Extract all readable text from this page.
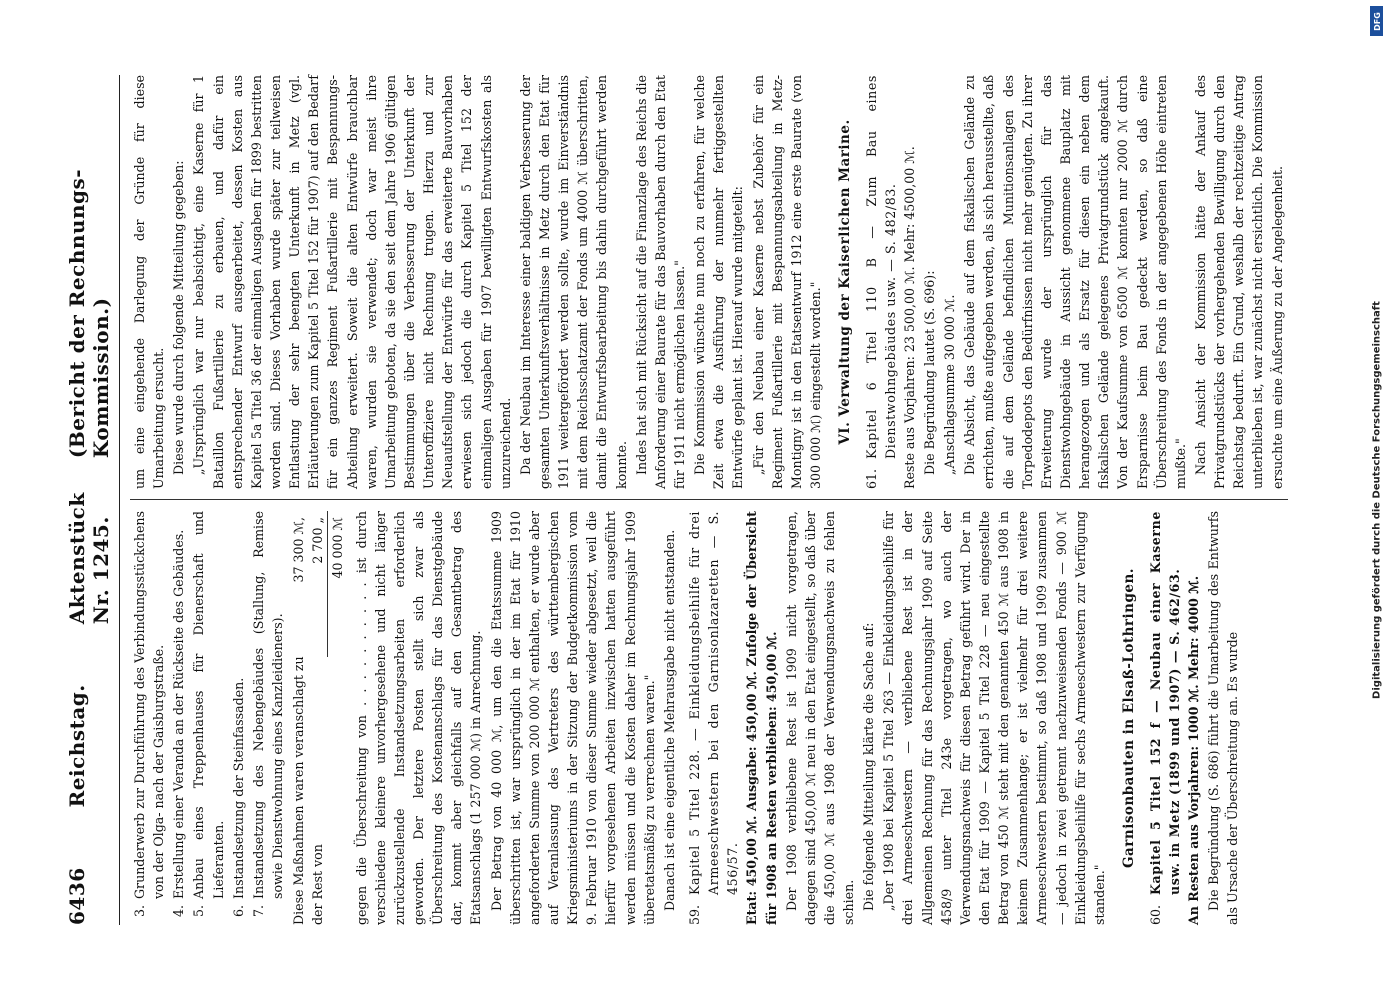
6436
Reichstag.
Aktenstück Nr. 1245.
(Bericht der Rechnungs-Kommission.)
3.
Grunderwerb zur Durchführung des Verbindungsstückchens von der Olga- nach der Gaisburgstraße.
4.
Erstellung einer Veranda an der Rückseite des Gebäudes.
5.
Anbau eines Treppenhauses für Dienerschaft und Lieferanten.
6.
Instandsetzung der Steinfassaden.
7.
Instandsetzung des Nebengebäudes (Stallung, Remise sowie Dienstwohnung eines Kanzleidieners). Diese Maßnahmen waren veranschlagt zu
37 300 ℳ,
der Rest von
2 700 „ 40 000 ℳ gegen die Überschreitung von . . . . . . . . . . ist durch verschiedene kleinere unvorhergesehene und nicht länger zurückzustellende Instandsetzungsarbeiten erforderlich geworden. Der letztere Posten stellt sich zwar als Überschreitung des Kostenanschlags für das Dienstgebäude dar, kommt aber gleichfalls auf den Gesamtbetrag des Etatsanschlags (1 257 000 ℳ) in Anrechnung. Der Betrag von 40 000 ℳ, um den die Etatssumme 1909 überschritten ist, war ursprünglich in der im Etat für 1910 angeforderten Summe von 200 000 ℳ enthalten, er wurde aber auf Veranlassung des Vertreters des württembergischen Kriegsministeriums in der Sitzung der Budgetkommission vom 9. Februar 1910 von dieser Summe wieder abgesetzt, weil die hierfür vorgesehenen Arbeiten inzwischen hatten ausgeführt werden müssen und die Kosten daher im Rechnungsjahr 1909 überetatsmäßig zu verrechnen waren." Danach ist eine eigentliche Mehrausgabe nicht entstanden.

59.
Kapitel 5 Titel 228. — Einkleidungsbeihilfe für drei Armeeschwestern bei den Garnisonlazaretten — S. 456/57. Etat: 450,00 ℳ. Ausgabe: 450,00 ℳ. Zufolge der Übersicht für 1908 an Resten verblieben: 450,00 ℳ. Der 1908 verbliebene Rest ist 1909 nicht vorgetragen, dagegen sind 450,00 ℳ neu in den Etat eingestellt, so daß über die 450,00 ℳ aus 1908 der Verwendungsnachweis zu fehlen schien. Die folgende Mitteilung klärte die Sache auf: „Der 1908 bei Kapitel 5 Titel 263 — Einkleidungsbeihilfe für drei Armeeschwestern — verbliebene Rest ist in der Allgemeinen Rechnung für das Rechnungsjahr 1909 auf Seite 458/9 unter Titel 243e vorgetragen, wo auch der Verwendungsnachweis für diesen Betrag geführt wird. Der in den Etat für 1909 — Kapitel 5 Titel 228 — neu eingestellte Betrag von 450 ℳ steht mit den genannten 450 ℳ aus 1908 in keinem Zusammenhange; er ist vielmehr für drei weitere Armeeschwestern bestimmt, so daß 1908 und 1909 zusammen — jedoch in zwei getrennt nachzuweisenden Fonds — 900 ℳ Einkleidungsbeihilfe für sechs Armeeschwestern zur Verfügung standen."

Garnisonbauten in Elsaß-Lothringen.
60.
Kapitel 5 Titel 152 f — Neubau einer Kaserne usw. in Metz (1899 und 1907) — S. 462/63. An Resten aus Vorjahren: 1000 ℳ. Mehr: 4000 ℳ. Die Begründung (S. 686) führt die Umarbeitung des Entwurfs als Ursache der Überschreitung an. Es wurde

um eine eingehende Darlegung der Gründe für diese Umarbeitung ersucht. Diese wurde durch folgende Mitteilung gegeben: „Ursprünglich war nur beabsichtigt, eine Kaserne für 1 Bataillon Fußartillerie zu erbauen, und dafür ein entsprechender Entwurf ausgearbeitet, dessen Kosten aus Kapitel 5a Titel 36 der einmaligen Ausgaben für 1899 bestritten worden sind. Dieses Vorhaben wurde später zur teilweisen Entlastung der sehr beengten Unterkunft in Metz (vgl. Erläuterungen zum Kapitel 5 Titel 152 für 1907) auf den Bedarf für ein ganzes Regiment Fußartillerie mit Bespannungs-Abteilung erweitert. Soweit die alten Entwürfe brauchbar waren, wurden sie verwendet; doch war meist ihre Umarbeitung geboten, da sie den seit dem Jahre 1906 gültigen Bestimmungen über die Verbesserung der Unterkunft der Unteroffiziere nicht Rechnung trugen. Hierzu und zur Neuaufstellung der Entwürfe für das erweiterte Bauvorhaben erwiesen sich jedoch die durch Kapitel 5 Titel 152 der einmaligen Ausgaben für 1907 bewilligten Entwurfskosten als unzureichend. Da der Neubau im Interesse einer baldigen Verbesserung der gesamten Unterkunftsverhältnisse in Metz durch den Etat für 1911 weitergefördert werden sollte, wurde im Einverständnis mit dem Reichsschatzamt der Fonds um 4000 ℳ überschritten, damit die Entwurfsbearbeitung bis dahin durchgeführt werden konnte. Indes hat sich mit Rücksicht auf die Finanzlage des Reichs die Anforderung einer Baurate für das Bauvorhaben durch den Etat für 1911 nicht ermöglichen lassen." Die Kommission wünschte nun noch zu erfahren, für welche Zeit etwa die Ausführung der nunmehr fertiggestellten Entwürfe geplant ist. Hierauf wurde mitgeteilt: „Für den Neubau einer Kaserne nebst Zubehör für ein Regiment Fußartillerie mit Bespannungsabteilung in Metz-Montigny ist in den Etatsentwurf 1912 eine erste Baurate (von 300 000 ℳ) eingestellt worden." VI. Verwaltung der Kaiserlichen Marine.
61.
Kapitel 6 Titel 110 B — Zum Bau eines Dienstwohngebäudes usw. — S. 482/83. Reste aus Vorjahren: 23 500,00 ℳ. Mehr: 4500,00 ℳ. Die Begründung lautet (S. 696): „Anschlagsumme 30 000 ℳ. Die Absicht, das Gebäude auf dem fiskalischen Gelände zu errichten, mußte aufgegeben werden, als sich herausstellte, daß die auf dem Gelände befindlichen Munitionsanlagen des Torpedodepots den Bedürfnissen nicht mehr genügten. Zu ihrer Erweiterung wurde der ursprünglich für das Dienstwohngebäude in Aussicht genommene Bauplatz mit herangezogen und als Ersatz für diesen ein neben dem fiskalischen Gelände gelegenes Privatgrundstück angekauft. Von der Kaufsumme von 6500 ℳ konnten nur 2000 ℳ durch Ersparnisse beim Bau gedeckt werden, so daß eine Überschreitung des Fonds in der angegebenen Höhe eintreten mußte." Nach Ansicht der Kommission hätte der Ankauf des Privatgrundstücks der vorhergehenden Bewilligung durch den Reichstag bedurft. Ein Grund, weshalb der rechtzeitige Antrag unterblieben ist, war zunächst nicht ersichtlich. Die Kommission ersuchte um eine Äußerung zu der Angelegenheit.	Digitalisierung gefördert durch die Deutsche Forschungsgemeinschaft
DFG
